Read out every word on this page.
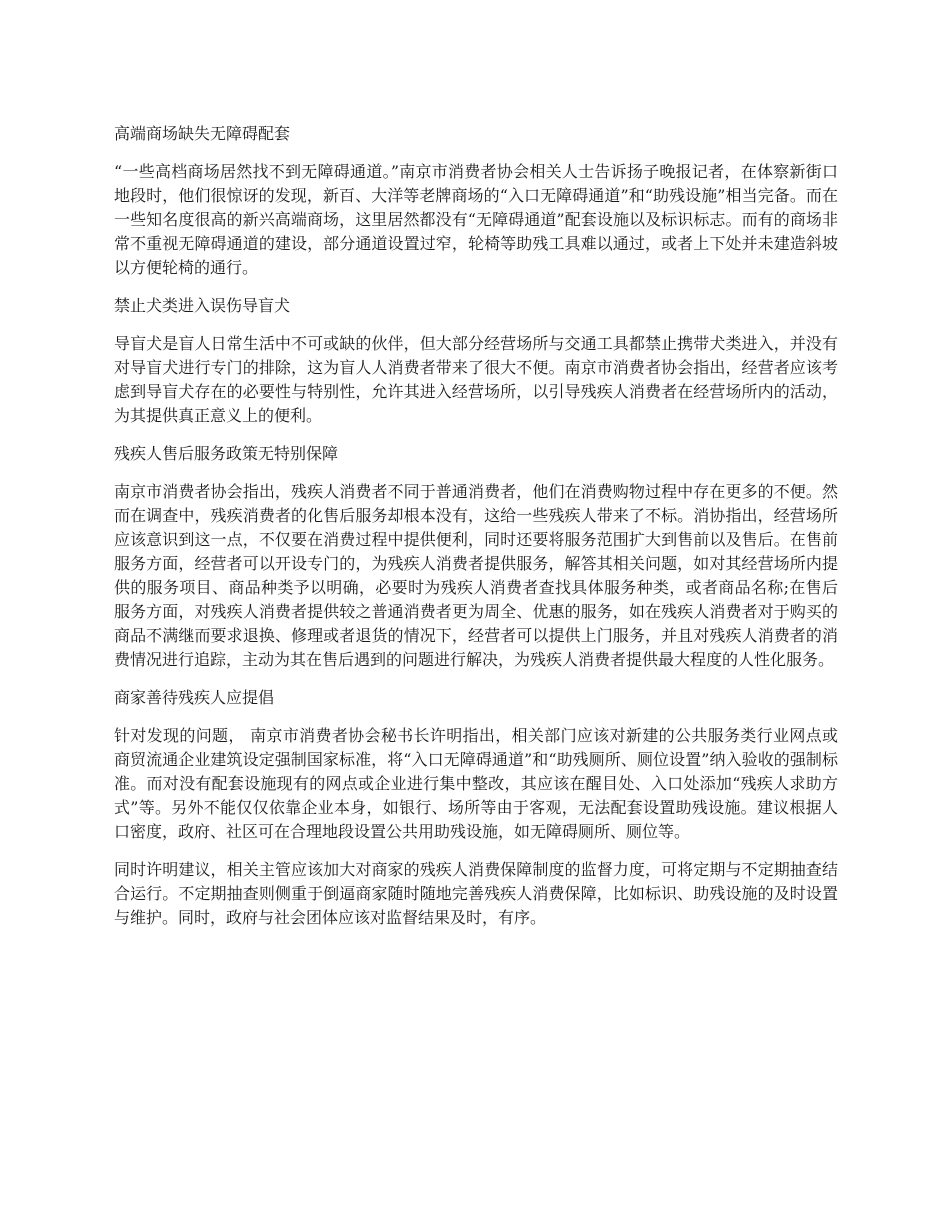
高端商场缺失无障碍配套
“一些高档商场居然找不到无障碍通道。”南京市消费者协会相关人士告诉扬子晚报记者，在体察新街口地段时，他们很惊讶的发现，新百、大洋等老牌商场的“入口无障碍通道”和“助残设施”相当完备。而在一些知名度很高的新兴高端商场，这里居然都没有“无障碍通道”配套设施以及标识标志。而有的商场非常不重视无障碍通道的建设，部分通道设置过窄，轮椅等助残工具难以通过，或者上下处并未建造斜坡以方便轮椅的通行。
禁止犬类进入误伤导盲犬
导盲犬是盲人日常生活中不可或缺的伙伴，但大部分经营场所与交通工具都禁止携带犬类进入，并没有对导盲犬进行专门的排除，这为盲人人消费者带来了很大不便。南京市消费者协会指出，经营者应该考虑到导盲犬存在的必要性与特别性，允许其进入经营场所，以引导残疾人消费者在经营场所内的活动，为其提供真正意义上的便利。
残疾人售后服务政策无特别保障
南京市消费者协会指出，残疾人消费者不同于普通消费者，他们在消费购物过程中存在更多的不便。然而在调查中，残疾消费者的化售后服务却根本没有，这给一些残疾人带来了不标。消协指出，经营场所应该意识到这一点，不仅要在消费过程中提供便利，同时还要将服务范围扩大到售前以及售后。在售前服务方面，经营者可以开设专门的，为残疾人消费者提供服务，解答其相关问题，如对其经营场所内提供的服务项目、商品种类予以明确，必要时为残疾人消费者查找具体服务种类，或者商品名称;在售后服务方面，对残疾人消费者提供较之普通消费者更为周全、优惠的服务，如在残疾人消费者对于购买的商品不满继而要求退换、修理或者退货的情况下，经营者可以提供上门服务，并且对残疾人消费者的消费情况进行追踪，主动为其在售后遇到的问题进行解决，为残疾人消费者提供最大程度的人性化服务。
商家善待残疾人应提倡
针对发现的问题， 南京市消费者协会秘书长许明指出，相关部门应该对新建的公共服务类行业网点或商贸流通企业建筑设定强制国家标准，将“入口无障碍通道”和“助残厕所、厕位设置”纳入验收的强制标准。而对没有配套设施现有的网点或企业进行集中整改，其应该在醒目处、入口处添加“残疾人求助方式”等。另外不能仅仅依靠企业本身，如银行、场所等由于客观，无法配套设置助残设施。建议根据人口密度，政府、社区可在合理地段设置公共用助残设施，如无障碍厕所、厕位等。
同时许明建议，相关主管应该加大对商家的残疾人消费保障制度的监督力度，可将定期与不定期抽查结合运行。不定期抽查则侧重于倒逼商家随时随地完善残疾人消费保障，比如标识、助残设施的及时设置与维护。同时，政府与社会团体应该对监督结果及时，有序。
